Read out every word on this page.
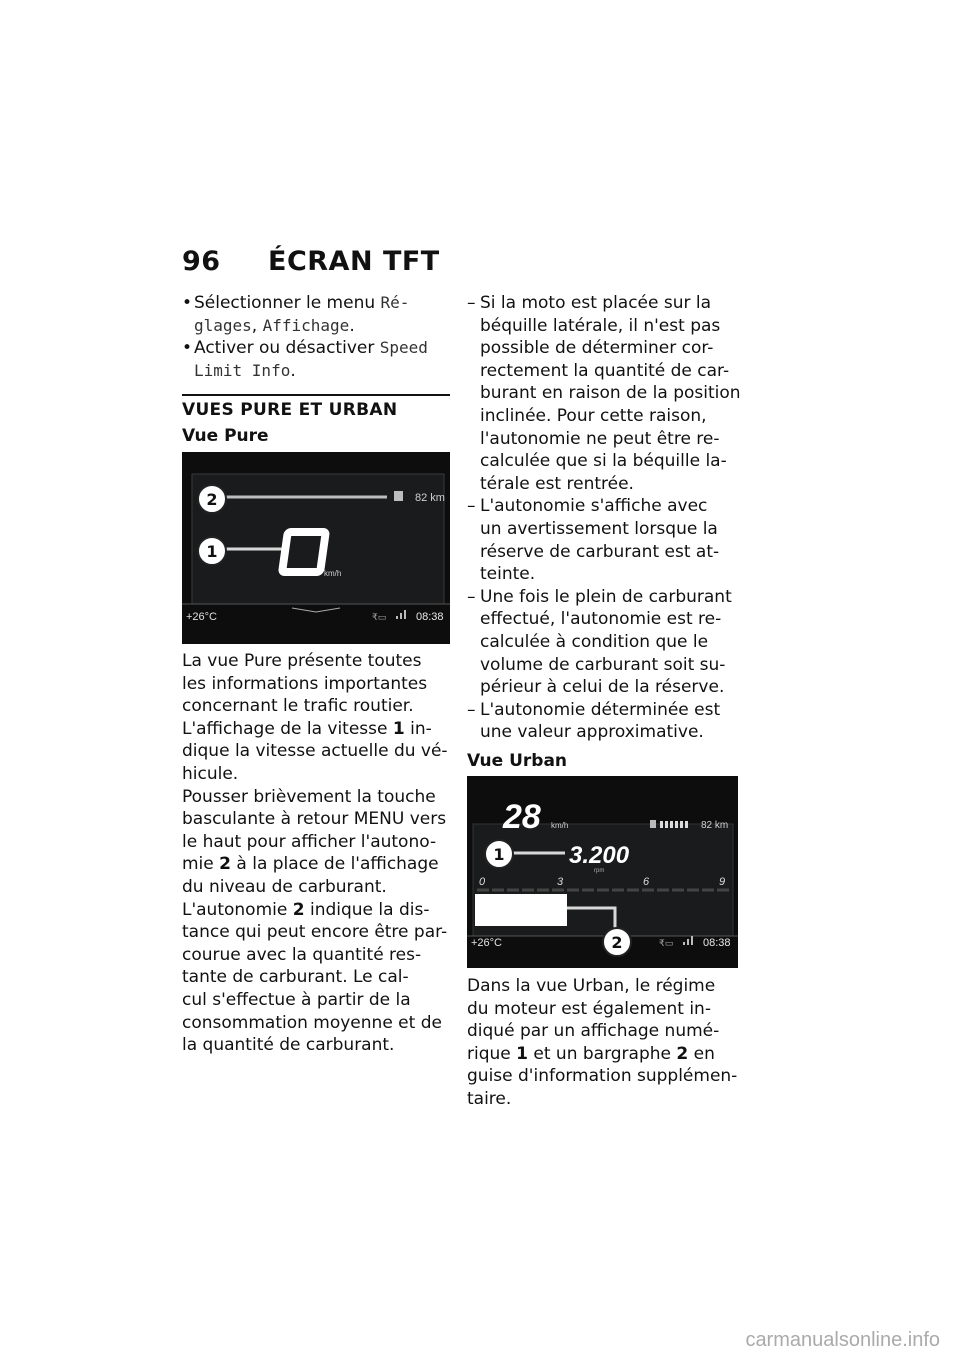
96 ÉCRAN TFT
• Sélectionner le menu Ré-
glages, Affichage.
• Activer ou désactiver Speed
Limit Info.
VUES PURE ET URBAN
Vue Pure
82 km
km/h
+26°C	₹▭	08:38
2
1
La vue Pure présente toutes
les informations importantes
concernant le trafic routier.
L'affichage de la vitesse 1 in-
dique la vitesse actuelle du vé-
hicule.
Pousser brièvement la touche
basculante à retour MENU vers
le haut pour afficher l'autono-
mie 2 à la place de l'affichage
du niveau de carburant.
L'autonomie 2 indique la dis-
tance qui peut encore être par-
courue avec la quantité res-
tante de carburant. Le cal-
cul s'effectue à partir de la
consommation moyenne et de
la quantité de carburant.
– Si la moto est placée sur la
béquille latérale, il n'est pas
possible de déterminer cor-
rectement la quantité de car-
burant en raison de la position
inclinée. Pour cette raison,
l'autonomie ne peut être re-
calculée que si la béquille la-
térale est rentrée.
– L'autonomie s'affiche avec
un avertissement lorsque la
réserve de carburant est at-
teinte.
– Une fois le plein de carburant
effectué, l'autonomie est re-
calculée à condition que le
volume de carburant soit su-
périeur à celui de la réserve.
– L'autonomie déterminée est
une valeur approximative.
Vue Urban
28 km/h	82 km
3.200
rpm
0	3	6	9
+26°C	₹▭	08:38
1
2
Dans la vue Urban, le régime
du moteur est également in-
diqué par un affichage numé-
rique 1 et un bargraphe 2 en
guise d'information supplémen-
taire.
carmanualsonline.info
